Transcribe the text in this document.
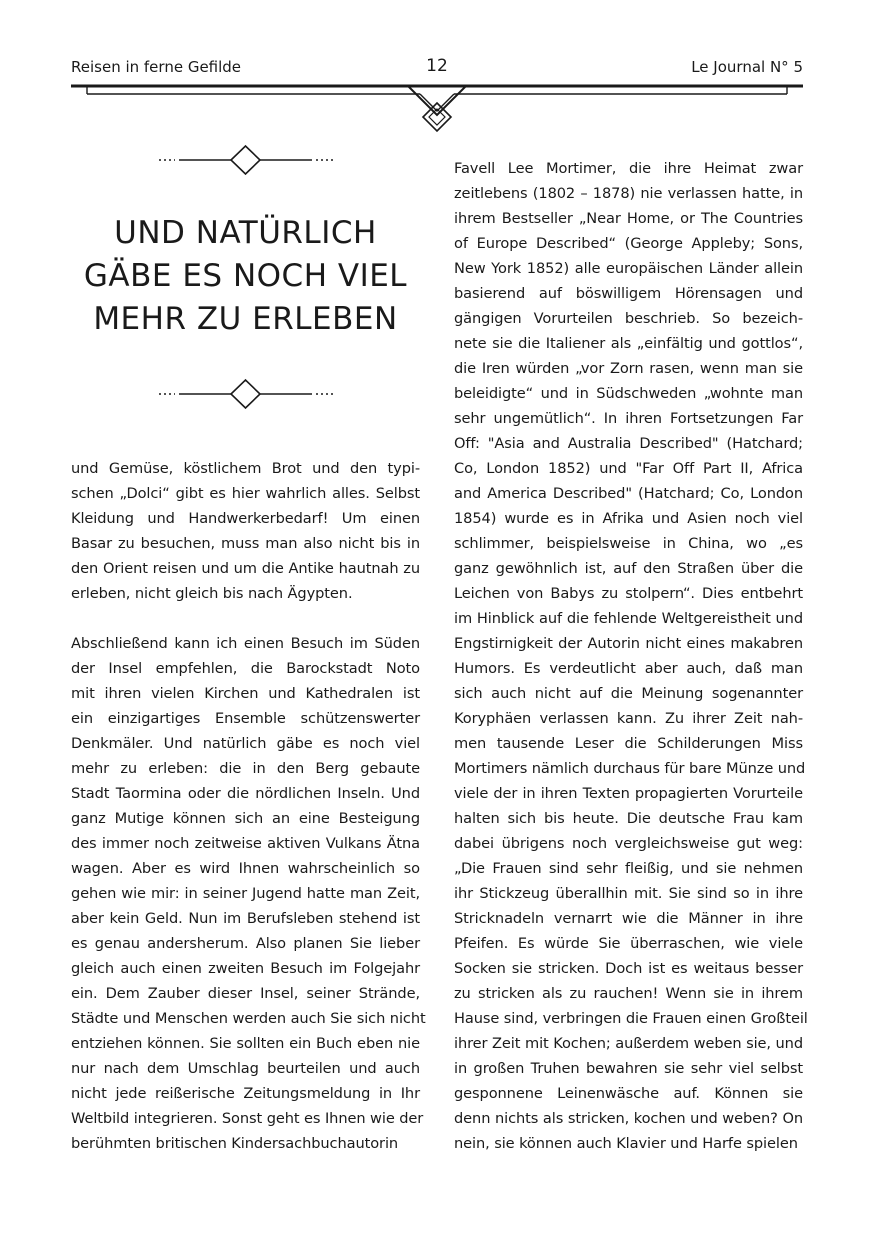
Reisen in ferne Gefilde	12	Le Journal N° 5
UND NATÜRLICH
GÄBE ES NOCH VIEL
MEHR ZU ERLEBEN

und Gemüse, köstlichem Brot und den typi-
schen „Dolci“ gibt es hier wahrlich alles. Selbst
Kleidung und Handwerkerbedarf! Um einen
Basar zu besuchen, muss man also nicht bis in
den Orient reisen und um die Antike hautnah zu
erleben, nicht gleich bis nach Ägypten.

Abschließend kann ich einen Besuch im Süden
der Insel empfehlen, die Barockstadt Noto
mit ihren vielen Kirchen und Kathedralen ist
ein einzigartiges Ensemble schützenswerter
Denkmäler. Und natürlich gäbe es noch viel
mehr zu erleben: die in den Berg gebaute
Stadt Taormina oder die nördlichen Inseln. Und
ganz Mutige können sich an eine Besteigung
des immer noch zeitweise aktiven Vulkans Ätna
wagen. Aber es wird Ihnen wahrscheinlich so
gehen wie mir: in seiner Jugend hatte man Zeit,
aber kein Geld. Nun im Berufsleben stehend ist
es genau andersherum. Also planen Sie lieber
gleich auch einen zweiten Besuch im Folgejahr
ein. Dem Zauber dieser Insel, seiner Strände,
Städte und Menschen werden auch Sie sich nicht
entziehen können. Sie sollten ein Buch eben nie
nur nach dem Umschlag beurteilen und auch
nicht jede reißerische Zeitungsmeldung in Ihr
Weltbild integrieren. Sonst geht es Ihnen wie der
berühmten britischen Kindersachbuchautorin

Favell Lee Mortimer, die ihre Heimat zwar
zeitlebens (1802 – 1878) nie verlassen hatte, in
ihrem Bestseller „Near Home, or The Countries
of Europe Described“ (George Appleby; Sons,
New York 1852) alle europäischen Länder allein
basierend auf böswilligem Hörensagen und
gängigen Vorurteilen beschrieb. So bezeich-
nete sie die Italiener als „einfältig und gottlos“,
die Iren würden „vor Zorn rasen, wenn man sie
beleidigte“ und in Südschweden „wohnte man
sehr ungemütlich“. In ihren Fortsetzungen Far
Off: "Asia and Australia Described" (Hatchard;
Co, London 1852) und "Far Off Part II, Africa
and America Described" (Hatchard; Co, London
1854) wurde es in Afrika und Asien noch viel
schlimmer, beispielsweise in China, wo „es
ganz gewöhnlich ist, auf den Straßen über die
Leichen von Babys zu stolpern“. Dies entbehrt
im Hinblick auf die fehlende Weltgereistheit und
Engstirnigkeit der Autorin nicht eines makabren
Humors. Es verdeutlicht aber auch, daß man
sich auch nicht auf die Meinung sogenannter
Koryphäen verlassen kann. Zu ihrer Zeit nah-
men tausende Leser die Schilderungen Miss
Mortimers nämlich durchaus für bare Münze und
viele der in ihren Texten propagierten Vorurteile
halten sich bis heute. Die deutsche Frau kam
dabei übrigens noch vergleichsweise gut weg:
„Die Frauen sind sehr fleißig, und sie nehmen
ihr Stickzeug überallhin mit. Sie sind so in ihre
Stricknadeln vernarrt wie die Männer in ihre
Pfeifen. Es würde Sie überraschen, wie viele
Socken sie stricken. Doch ist es weitaus besser
zu stricken als zu rauchen! Wenn sie in ihrem
Hause sind, verbringen die Frauen einen Großteil
ihrer Zeit mit Kochen; außerdem weben sie, und
in großen Truhen bewahren sie sehr viel selbst
gesponnene Leinenwäsche auf. Können sie
denn nichts als stricken, kochen und weben? On
nein, sie können auch Klavier und Harfe spielen
